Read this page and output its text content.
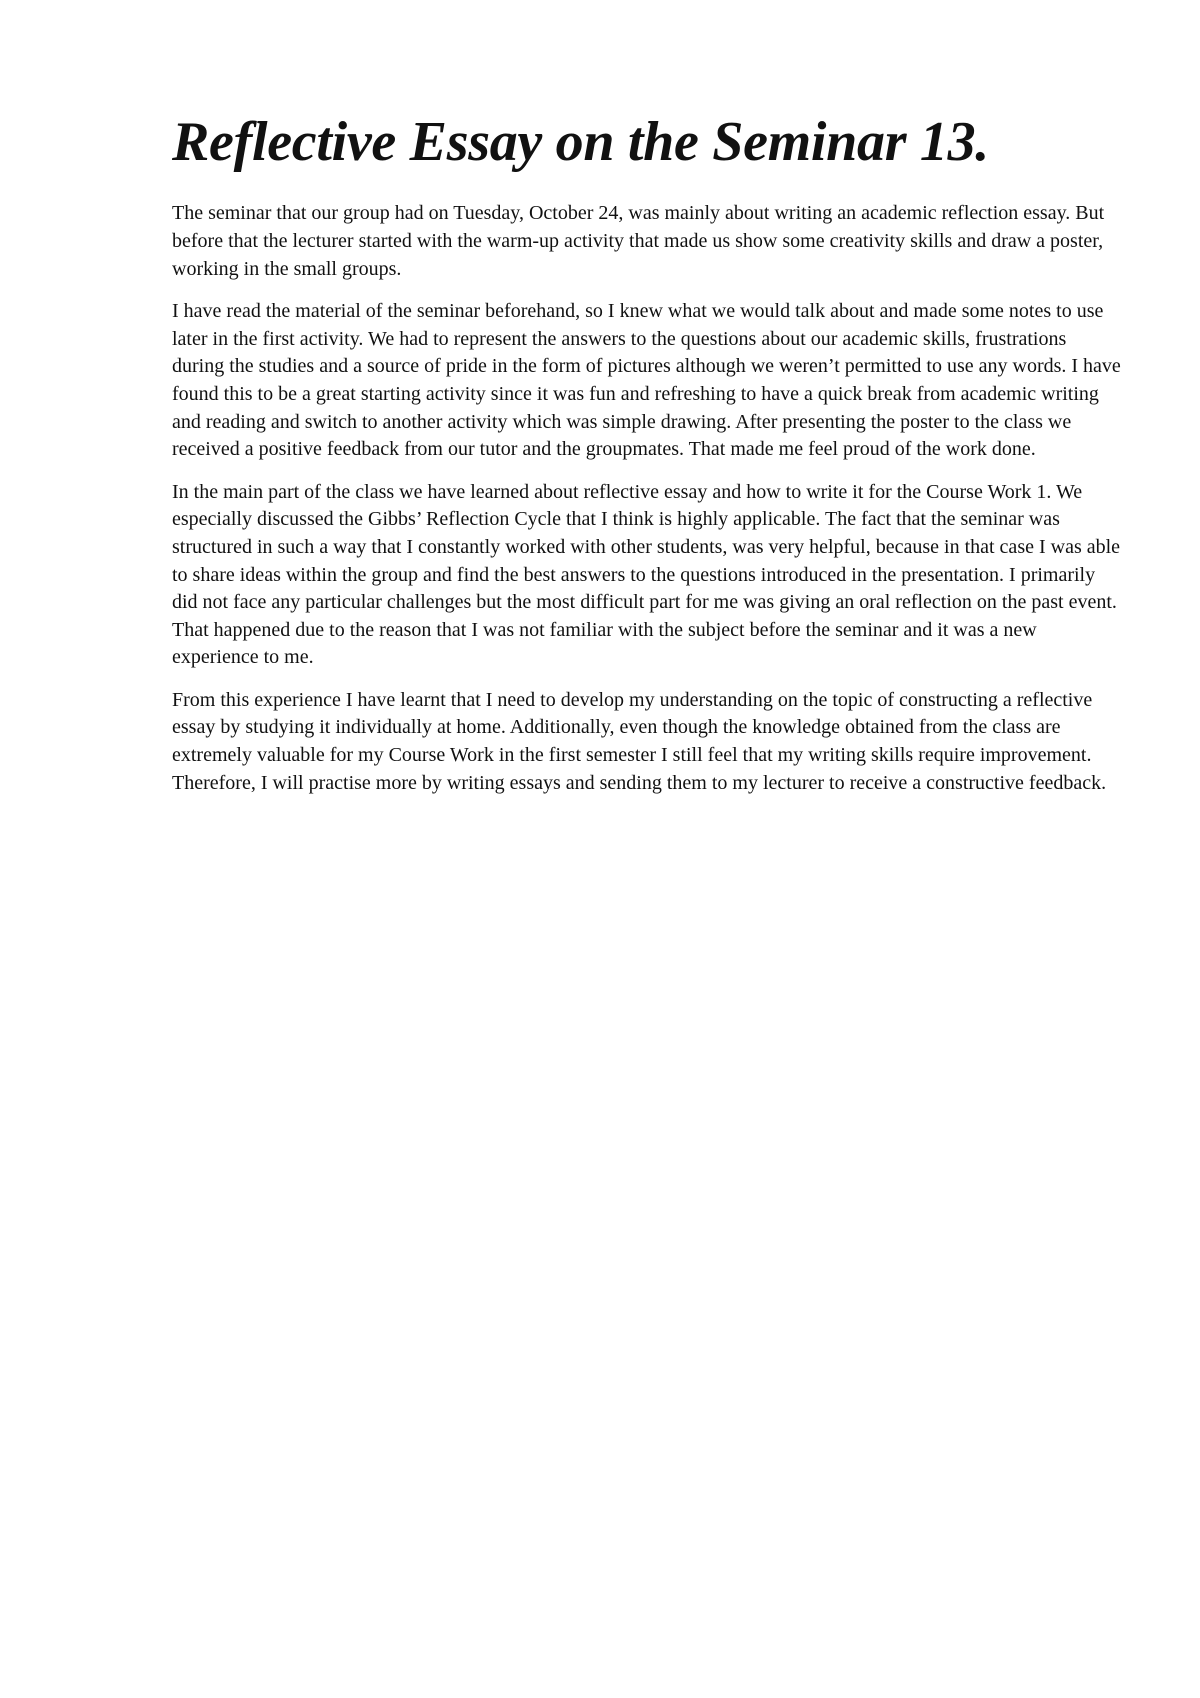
Reflective Essay on the Seminar 13.

The seminar that our group had on Tuesday, October 24, was mainly about writing an academic reflection essay. But before that the lecturer started with the warm-up activity that made us show some creativity skills and draw a poster, working in the small groups.

I have read the material of the seminar beforehand, so I knew what we would talk about and made some notes to use later in the first activity. We had to represent the answers to the questions about our academic skills, frustrations during the studies and a source of pride in the form of pictures although we weren’t permitted to use any words. I have found this to be a great starting activity since it was fun and refreshing to have a quick break from academic writing and reading and switch to another activity which was simple drawing. After presenting the poster to the class we received a positive feedback from our tutor and the groupmates. That made me feel proud of the work done.

In the main part of the class we have learned about reflective essay and how to write it for the Course Work 1. We especially discussed the Gibbs’ Reflection Cycle that I think is highly applicable. The fact that the seminar was structured in such a way that I constantly worked with other students, was very helpful, because in that case I was able to share ideas within the group and find the best answers to the questions introduced in the presentation. I primarily did not face any particular challenges but the most difficult part for me was giving an oral reflection on the past event. That happened due to the reason that I was not familiar with the subject before the seminar and it was a new experience to me.

From this experience I have learnt that I need to develop my understanding on the topic of constructing a reflective essay by studying it individually at home. Additionally, even though the knowledge obtained from the class are extremely valuable for my Course Work in the first semester I still feel that my writing skills require improvement. Therefore, I will practise more by writing essays and sending them to my lecturer to receive a constructive feedback.
